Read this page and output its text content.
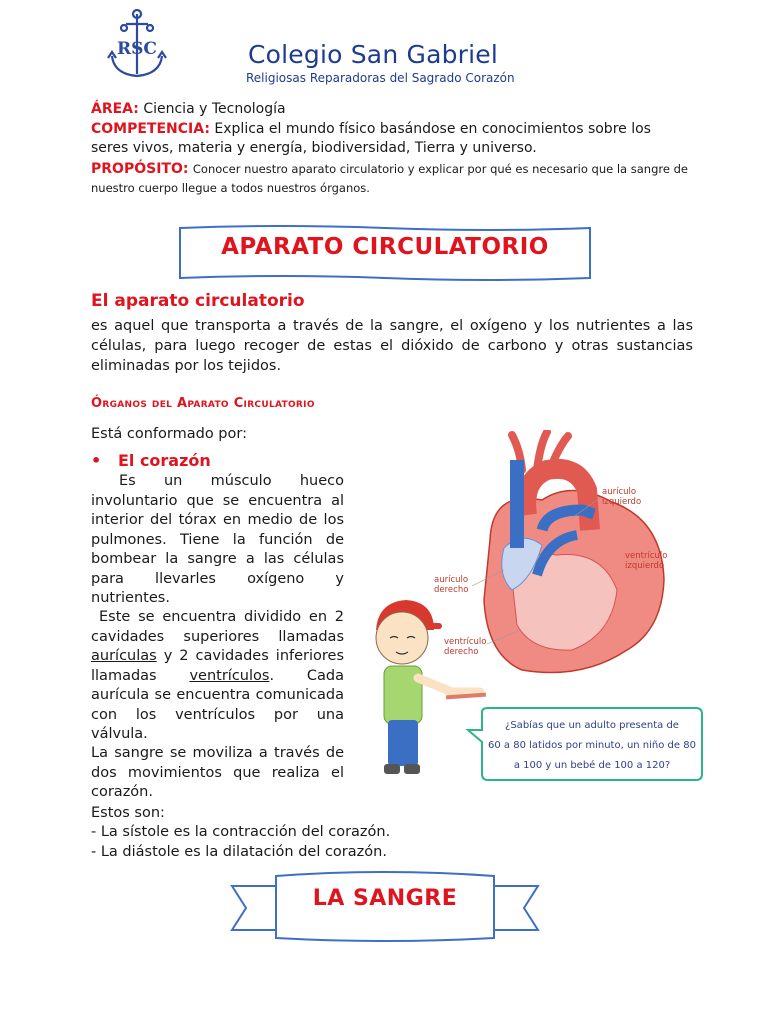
RSC	Colegio San Gabriel
Religiosas Reparadoras del Sagrado Corazón
ÁREA: Ciencia y Tecnología
COMPETENCIA: Explica el mundo físico basándose en conocimientos sobre los seres vivos, materia y energía, biodiversidad, Tierra y universo.
PROPÓSITO: Conocer nuestro aparato circulatorio y explicar por qué es necesario que la sangre de nuestro cuerpo llegue a todos nuestros órganos.
APARATO CIRCULATORIO
El aparato circulatorio
es aquel que transporta a través de la sangre, el oxígeno y los nutrientes a las células, para luego recoger de estas el dióxido de carbono y otras sustancias eliminadas por los tejidos.
Órganos del Aparato Circulatorio
Está conformado por:
• El corazón

Es un músculo hueco involuntario que se encuentra al interior del tórax en medio de los pulmones. Tiene la función de bombear la sangre a las células para llevarles oxígeno y nutrientes.

Este se encuentra dividido en 2 cavidades superiores llamadas aurículas y 2 cavidades inferiores llamadas ventrículos. Cada aurícula se encuentra comunicada con los ventrículos por una válvula.

La sangre se moviliza a través de dos movimientos que realiza el corazón.

Estos son:
- La sístole es la contracción del corazón.
- La diástole es la dilatación del corazón.
aurículo
izquierdo
ventrículo
izquierdo
aurículo
derecho
ventrículo
derecho
¿Sabías que un adulto presenta de
60 a 80 latidos por minuto, un niño de 80
a 100 y un bebé de 100 a 120?
LA SANGRE
